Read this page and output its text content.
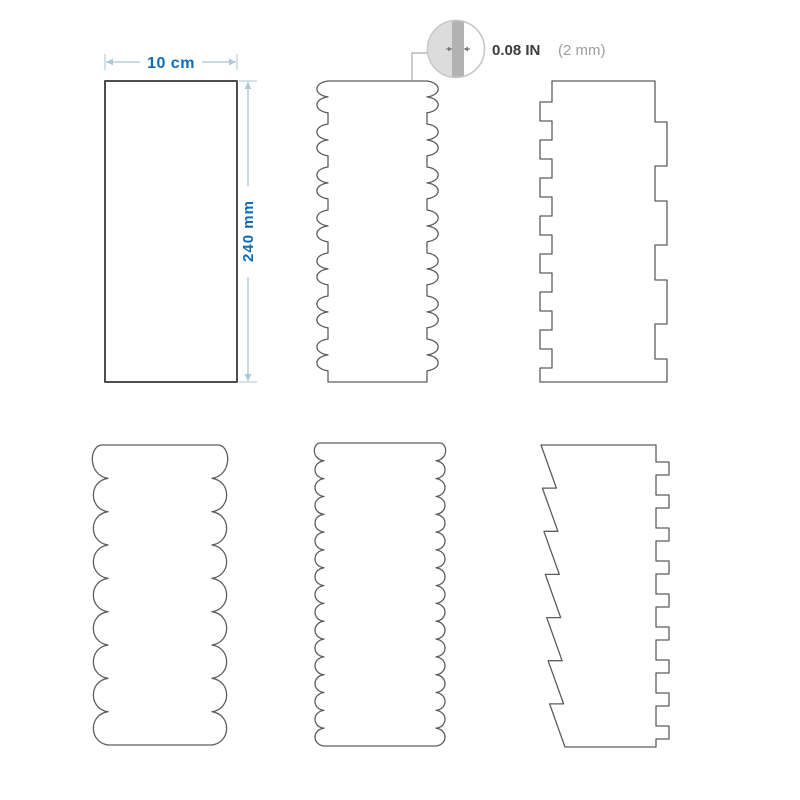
10 cm
240 mm
0.08 IN (2 mm)
